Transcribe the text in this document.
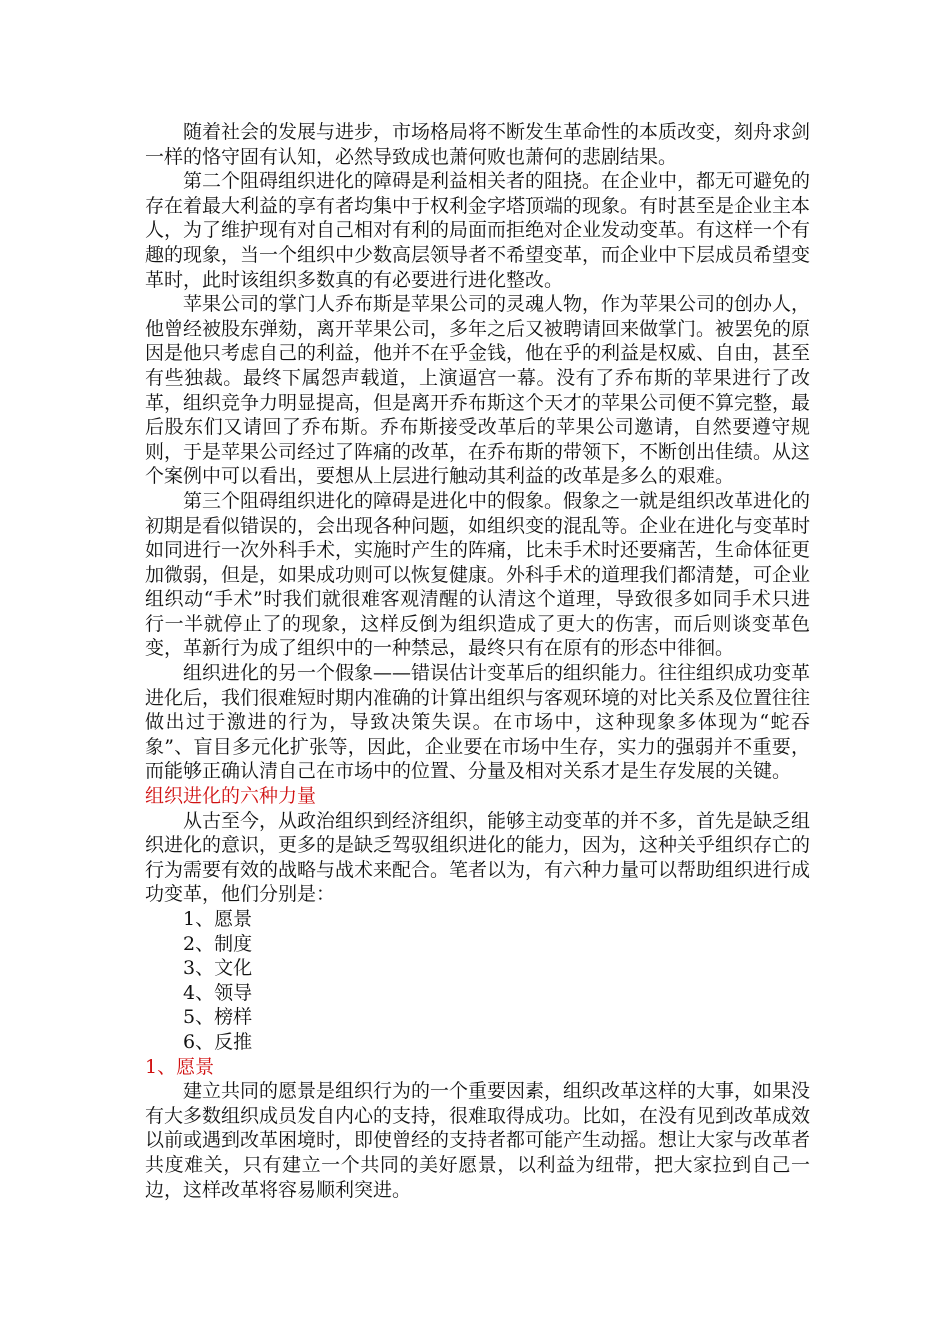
随着社会的发展与进步，市场格局将不断发生革命性的本质改变，刻舟求剑一样的恪守固有认知，必然导致成也萧何败也萧何的悲剧结果。

第二个阻碍组织进化的障碍是利益相关者的阻挠。在企业中，都无可避免的存在着最大利益的享有者均集中于权利金字塔顶端的现象。有时甚至是企业主本人，为了维护现有对自己相对有利的局面而拒绝对企业发动变革。有这样一个有趣的现象，当一个组织中少数高层领导者不希望变革，而企业中下层成员希望变革时，此时该组织多数真的有必要进行进化整改。

苹果公司的掌门人乔布斯是苹果公司的灵魂人物，作为苹果公司的创办人，他曾经被股东弹劾，离开苹果公司，多年之后又被聘请回来做掌门。被罢免的原因是他只考虑自己的利益，他并不在乎金钱，他在乎的利益是权威、自由，甚至有些独裁。最终下属怨声载道，上演逼宫一幕。没有了乔布斯的苹果进行了改革，组织竞争力明显提高，但是离开乔布斯这个天才的苹果公司便不算完整，最后股东们又请回了乔布斯。乔布斯接受改革后的苹果公司邀请，自然要遵守规则，于是苹果公司经过了阵痛的改革，在乔布斯的带领下，不断创出佳绩。从这个案例中可以看出，要想从上层进行触动其利益的改革是多么的艰难。

第三个阻碍组织进化的障碍是进化中的假象。假象之一就是组织改革进化的初期是看似错误的，会出现各种问题，如组织变的混乱等。企业在进化与变革时如同进行一次外科手术，实施时产生的阵痛，比未手术时还要痛苦，生命体征更加微弱，但是，如果成功则可以恢复健康。外科手术的道理我们都清楚，可企业组织动“手术”时我们就很难客观清醒的认清这个道理，导致很多如同手术只进行一半就停止了的现象，这样反倒为组织造成了更大的伤害，而后则谈变革色变，革新行为成了组织中的一种禁忌，最终只有在原有的形态中徘徊。

组织进化的另一个假象——错误估计变革后的组织能力。往往组织成功变革进化后，我们很难短时期内准确的计算出组织与客观环境的对比关系及位置往往做出过于激进的行为，导致决策失误。在市场中，这种现象多体现为“蛇吞象”、盲目多元化扩张等，因此，企业要在市场中生存，实力的强弱并不重要，而能够正确认清自己在市场中的位置、分量及相对关系才是生存发展的关键。

组织进化的六种力量

从古至今，从政治组织到经济组织，能够主动变革的并不多，首先是缺乏组织进化的意识，更多的是缺乏驾驭组织进化的能力，因为，这种关乎组织存亡的行为需要有效的战略与战术来配合。笔者以为，有六种力量可以帮助组织进行成功变革，他们分别是：

1、愿景
2、制度
3、文化
4、领导
5、榜样
6、反推
1、愿景

建立共同的愿景是组织行为的一个重要因素，组织改革这样的大事，如果没有大多数组织成员发自内心的支持，很难取得成功。比如，在没有见到改革成效以前或遇到改革困境时，即使曾经的支持者都可能产生动摇。想让大家与改革者共度难关，只有建立一个共同的美好愿景，以利益为纽带，把大家拉到自己一边，这样改革将容易顺利突进。
